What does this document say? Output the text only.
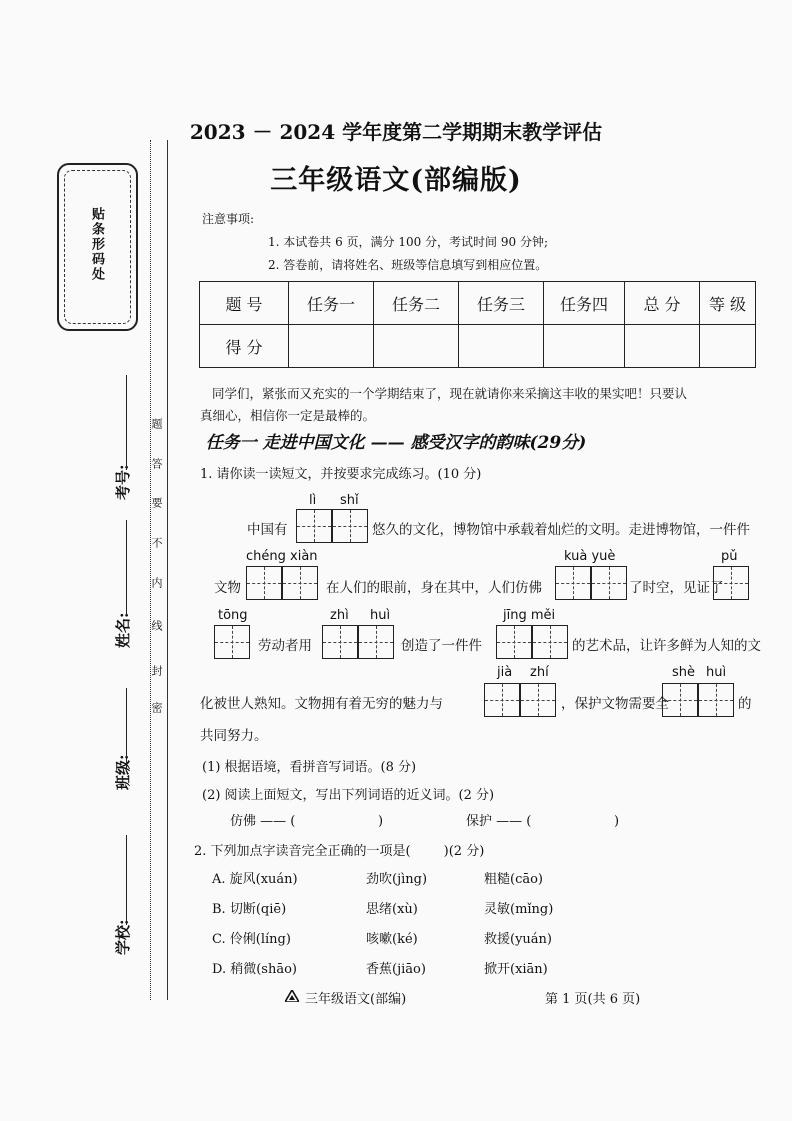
贴条形码处
考号:
姓名:
班级:
学校:
题
答
要
不
内
线
封
密
2023 － 2024 学年度第二学期期末教学评估
三年级语文(部编版)
注意事项:
1. 本试卷共 6 页，满分 100 分，考试时间 90 分钟;
2. 答卷前，请将姓名、班级等信息填写到相应位置。
题 号	任务一	任务二	任务三	任务四	总 分	等 级
得 分						
同学们，紧张而又充实的一个学期结束了，现在就请你来采摘这丰收的果实吧！只要认
真细心，相信你一定是最棒的。
任务一 走进中国文化 —— 感受汉字的韵味(29分)
1. 请你读一读短文，并按要求完成练习。(10 分)
lì shǐ
中国有	悠久的文化，博物馆中承载着灿烂的文明。走进博物馆，一件件
chéng xiàn	kuà yuè	pǔ
文物	在人们的眼前，身在其中，人们仿佛	了时空，见证了
tōng	zhì huì	jīng měi
劳动者用	创造了一件件	的艺术品，让许多鲜为人知的文
jià zhí	shè huì
化被世人熟知。文物拥有着无穷的魅力与	，保护文物需要全	的
共同努力。
(1) 根据语境，看拼音写词语。(8 分)
(2) 阅读上面短文，写出下列词语的近义词。(2 分)
仿佛 —— (                    )	保护 —— (                    )
2. 下列加点字读音完全正确的一项是(        )(2 分)
A. 旋风(xuán)	劲吹(jìng)	粗糙(cāo)
B. 切断(qiē)	思绪(xù)	灵敏(mǐng)
C. 伶俐(líng)	咳嗽(ké)	救援(yuán)
D. 稍微(shāo)	香蕉(jiāo)	掀开(xiān)
三年级语文(部编)	第 1 页(共 6 页)
